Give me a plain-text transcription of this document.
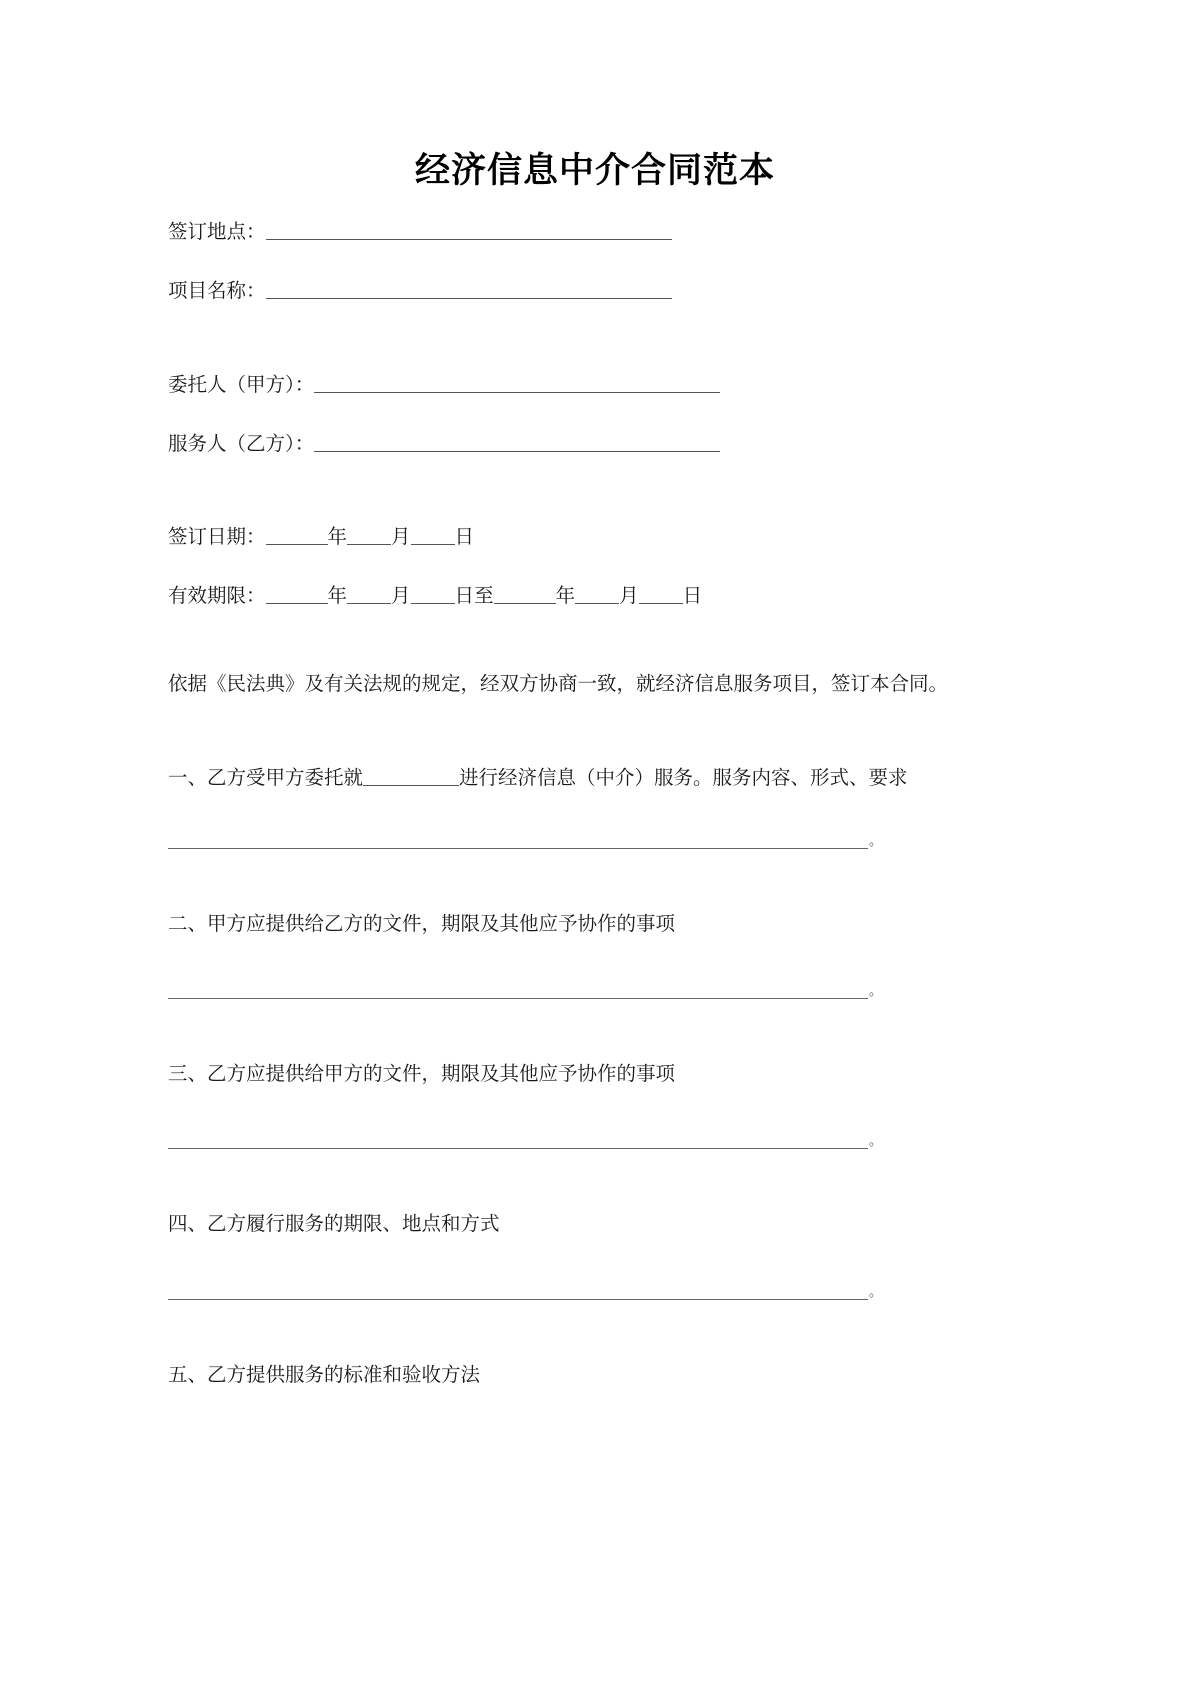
经济信息中介合同范本
签订地点：
项目名称：
委托人（甲方）：
服务人（乙方）：
签订日期：	年 月 日
有效期限：	年 月 日至	年 月 日
依据《民法典》及有关法规的规定，经双方协商一致，就经济信息服务项目，签订本合同。
一、乙方受甲方委托就	进行经济信息（中介）服务。服务内容、形式、要求
。
二、甲方应提供给乙方的文件，期限及其他应予协作的事项
。
三、乙方应提供给甲方的文件，期限及其他应予协作的事项
。
四、乙方履行服务的期限、地点和方式
。
五、乙方提供服务的标准和验收方法
